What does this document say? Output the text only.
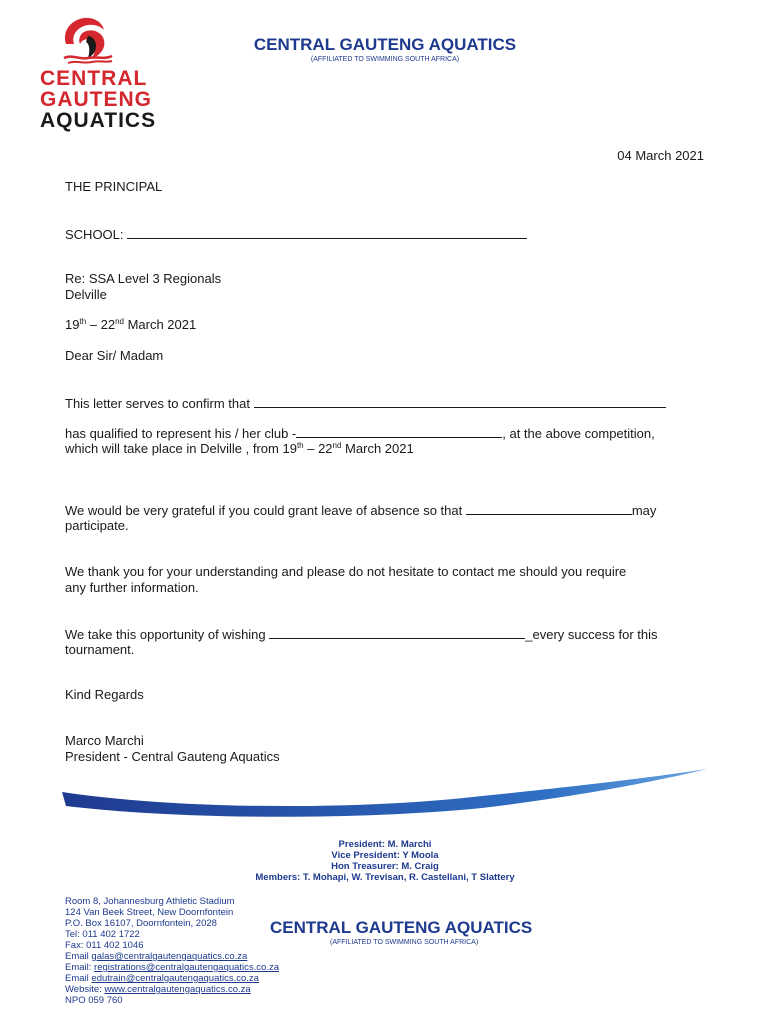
CENTRAL
GAUTENG
AQUATICS
CENTRAL GAUTENG AQUATICS
(AFFILIATED TO SWIMMING SOUTH AFRICA)
04 March 2021
THE PRINCIPAL
SCHOOL:
Re: SSA Level 3 Regionals
Delville
19th – 22nd March 2021
Dear Sir/ Madam
This letter serves to confirm that
has qualified to represent his / her club -	, at the above competition,
which will take place in Delville , from 19th – 22nd March 2021
We would be very grateful if you could grant leave of absence so that	may
participate.
We thank you for your understanding and please do not hesitate to contact me should you require
any further information.
We take this opportunity of wishing	_every success for this
tournament.
Kind Regards
Marco Marchi
President - Central Gauteng Aquatics
President: M. Marchi
Vice President: Y Moola
Hon Treasurer: M. Craig
Members: T. Mohapi, W. Trevisan, R. Castellani, T Slattery
Room 8, Johannesburg Athletic Stadium
124 Van Beek Street, New Doornfontein
P.O. Box 16107, Doornfontein, 2028
Tel: 011 402 1722
Fax: 011 402 1046
Email galas@centralgautengaquatics.co.za
Email: registrations@centralgautengaquatics.co.za
Email edutrain@centralgautengaquatics.co.za
Website: www.centralgautengaquatics.co.za
NPO 059 760
CENTRAL GAUTENG AQUATICS
(AFFILIATED TO SWIMMING SOUTH AFRICA)
